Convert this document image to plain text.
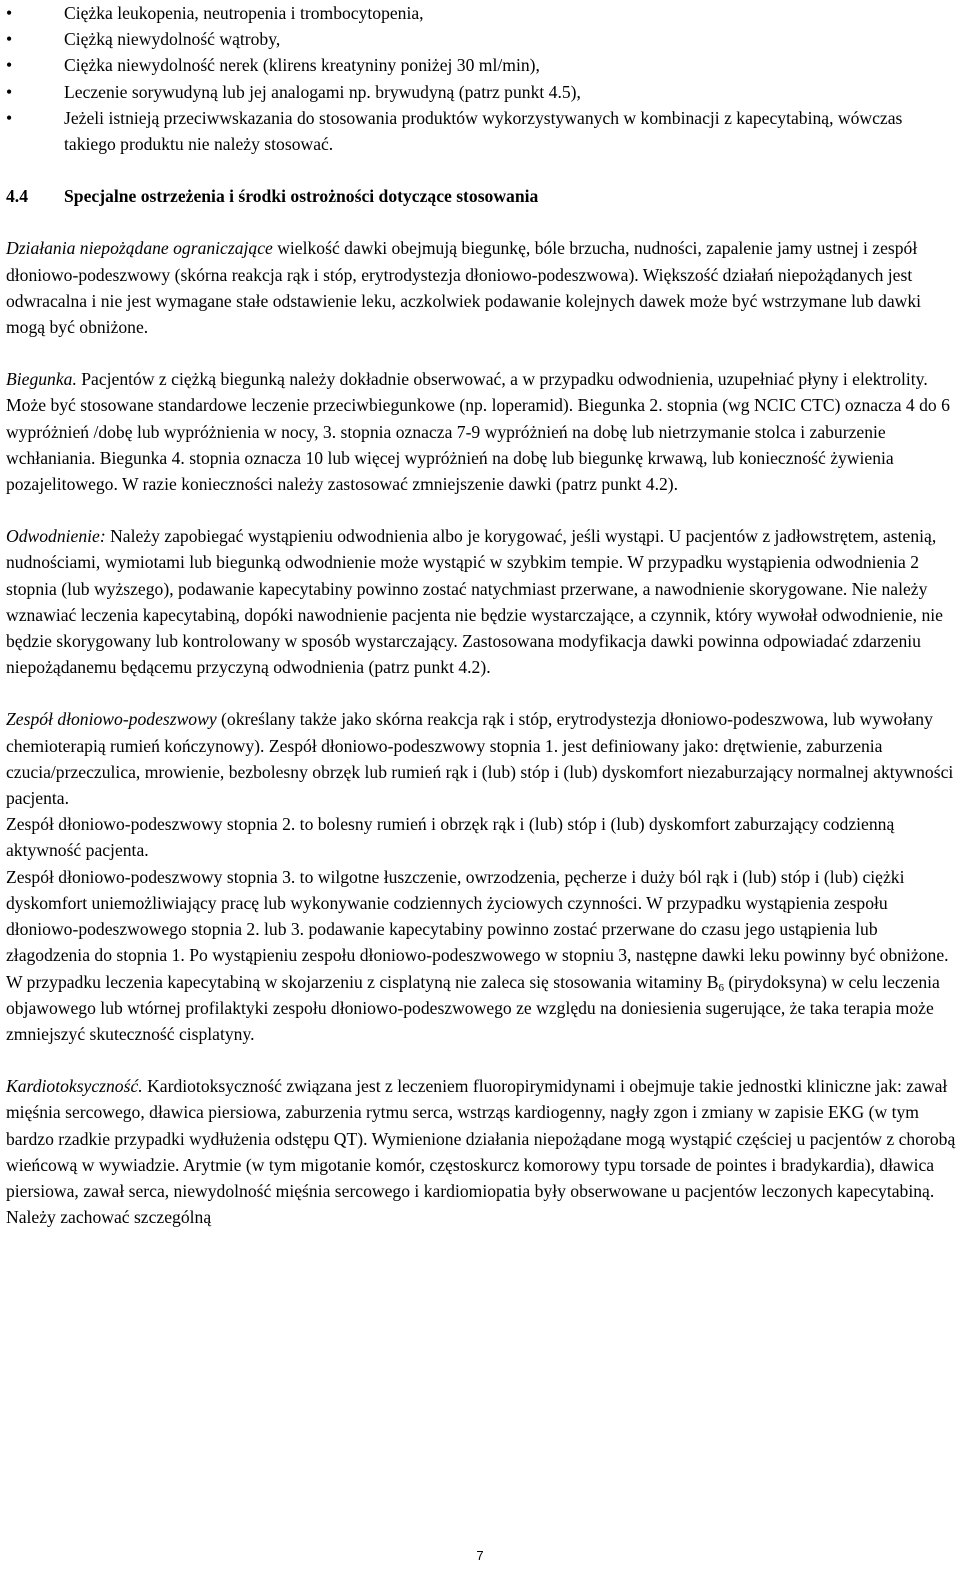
•	Ciężka leukopenia, neutropenia i trombocytopenia,
•	Ciężką niewydolność wątroby,
•	Ciężka niewydolność nerek (klirens kreatyniny poniżej 30 ml/min),
•	Leczenie sorywudyną lub jej analogami np. brywudyną (patrz punkt 4.5),
•	Jeżeli istnieją przeciwwskazania do stosowania produktów wykorzystywanych w kombinacji z kapecytabiną, wówczas takiego produktu nie należy stosować.
4.4 Specjalne ostrzeżenia i środki ostrożności dotyczące stosowania

Działania niepożądane ograniczające wielkość dawki obejmują biegunkę, bóle brzucha, nudności, zapalenie jamy ustnej i zespół dłoniowo-podeszwowy (skórna reakcja rąk i stóp, erytrodystezja dłoniowo-podeszwowa). Większość działań niepożądanych jest odwracalna i nie jest wymagane stałe odstawienie leku, aczkolwiek podawanie kolejnych dawek może być wstrzymane lub dawki mogą być obniżone.

Biegunka. Pacjentów z ciężką biegunką należy dokładnie obserwować, a w przypadku odwodnienia, uzupełniać płyny i elektrolity. Może być stosowane standardowe leczenie przeciwbiegunkowe (np. loperamid). Biegunka 2. stopnia (wg NCIC CTC) oznacza 4 do 6 wypróżnień /dobę lub wypróżnienia w nocy, 3. stopnia oznacza 7-9 wypróżnień na dobę lub nietrzymanie stolca i zaburzenie wchłaniania. Biegunka 4. stopnia oznacza 10 lub więcej wypróżnień na dobę lub biegunkę krwawą, lub konieczność żywienia pozajelitowego. W razie konieczności należy zastosować zmniejszenie dawki (patrz punkt 4.2).

Odwodnienie: Należy zapobiegać wystąpieniu odwodnienia albo je korygować, jeśli wystąpi. U pacjentów z jadłowstrętem, astenią, nudnościami, wymiotami lub biegunką odwodnienie może wystąpić w szybkim tempie. W przypadku wystąpienia odwodnienia 2 stopnia (lub wyższego), podawanie kapecytabiny powinno zostać natychmiast przerwane, a nawodnienie skorygowane. Nie należy wznawiać leczenia kapecytabiną, dopóki nawodnienie pacjenta nie będzie wystarczające, a czynnik, który wywołał odwodnienie, nie będzie skorygowany lub kontrolowany w sposób wystarczający. Zastosowana modyfikacja dawki powinna odpowiadać zdarzeniu niepożądanemu będącemu przyczyną odwodnienia (patrz punkt 4.2).

Zespół dłoniowo-podeszwowy (określany także jako skórna reakcja rąk i stóp, erytrodystezja dłoniowo-podeszwowa, lub wywołany chemioterapią rumień kończynowy). Zespół dłoniowo-podeszwowy stopnia 1. jest definiowany jako: drętwienie, zaburzenia czucia/przeczulica, mrowienie, bezbolesny obrzęk lub rumień rąk i (lub) stóp i (lub) dyskomfort niezaburzający normalnej aktywności pacjenta.

Zespół dłoniowo-podeszwowy stopnia 2. to bolesny rumień i obrzęk rąk i (lub) stóp i (lub) dyskomfort zaburzający codzienną aktywność pacjenta.

Zespół dłoniowo-podeszwowy stopnia 3. to wilgotne łuszczenie, owrzodzenia, pęcherze i duży ból rąk i (lub) stóp i (lub) ciężki dyskomfort uniemożliwiający pracę lub wykonywanie codziennych życiowych czynności. W przypadku wystąpienia zespołu dłoniowo-podeszwowego stopnia 2. lub 3. podawanie kapecytabiny powinno zostać przerwane do czasu jego ustąpienia lub złagodzenia do stopnia 1. Po wystąpieniu zespołu dłoniowo-podeszwowego w stopniu 3, następne dawki leku powinny być obniżone. W przypadku leczenia kapecytabiną w skojarzeniu z cisplatyną nie zaleca się stosowania witaminy $B_6$ (pirydoksyna) w celu leczenia objawowego lub wtórnej profilaktyki zespołu dłoniowo-podeszwowego ze względu na doniesienia sugerujące, że taka terapia może zmniejszyć skuteczność cisplatyny.

Kardiotoksyczność. Kardiotoksyczność związana jest z leczeniem fluoropirymidynami i obejmuje takie jednostki kliniczne jak: zawał mięśnia sercowego, dławica piersiowa, zaburzenia rytmu serca, wstrząs kardiogenny, nagły zgon i zmiany w zapisie EKG (w tym bardzo rzadkie przypadki wydłużenia odstępu QT). Wymienione działania niepożądane mogą wystąpić częściej u pacjentów z chorobą wieńcową w wywiadzie. Arytmie (w tym migotanie komór, częstoskurcz komorowy typu torsade de pointes i bradykardia), dławica piersiowa, zawał serca, niewydolność mięśnia sercowego i kardiomiopatia były obserwowane u pacjentów leczonych kapecytabiną. Należy zachować szczególną

7
